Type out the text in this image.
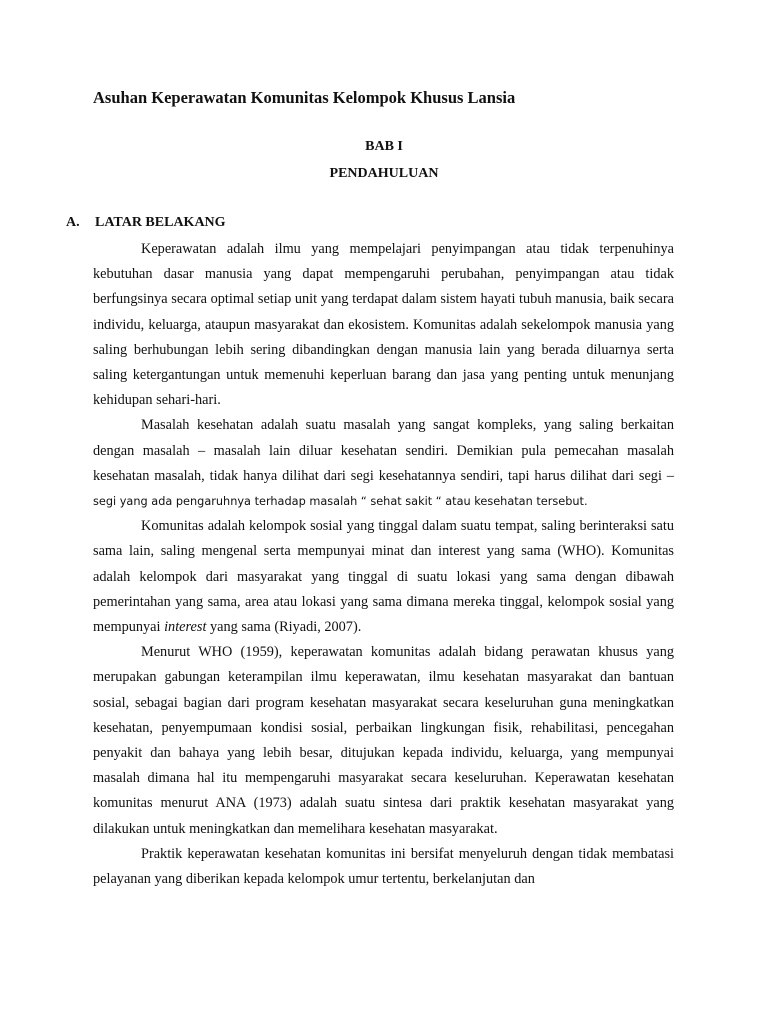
Asuhan Keperawatan Komunitas Kelompok Khusus Lansia
BAB I
PENDAHULUAN
A. LATAR BELAKANG

Keperawatan adalah ilmu yang mempelajari penyimpangan atau tidak terpenuhinya kebutuhan dasar manusia yang dapat mempengaruhi perubahan, penyimpangan atau tidak berfungsinya secara optimal setiap unit yang terdapat dalam sistem hayati tubuh manusia, baik secara individu, keluarga, ataupun masyarakat dan ekosistem. Komunitas adalah sekelompok manusia yang saling berhubungan lebih sering dibandingkan dengan manusia lain yang berada diluarnya serta saling ketergantungan untuk memenuhi keperluan barang dan jasa yang penting untuk menunjang kehidupan sehari-hari.

Masalah kesehatan adalah suatu masalah yang sangat kompleks, yang saling berkaitan dengan masalah – masalah lain diluar kesehatan sendiri. Demikian pula pemecahan masalah kesehatan masalah, tidak hanya dilihat dari segi kesehatannya sendiri, tapi harus dilihat dari segi – segi yang ada pengaruhnya terhadap masalah “ sehat sakit “ atau kesehatan tersebut.

Komunitas adalah kelompok sosial yang tinggal dalam suatu tempat, saling berinteraksi satu sama lain, saling mengenal serta mempunyai minat dan interest yang sama (WHO). Komunitas adalah kelompok dari masyarakat yang tinggal di suatu lokasi yang sama dengan dibawah pemerintahan yang sama, area atau lokasi yang sama dimana mereka tinggal, kelompok sosial yang mempunyai interest yang sama (Riyadi, 2007).

Menurut WHO (1959), keperawatan komunitas adalah bidang perawatan khusus yang merupakan gabungan keterampilan ilmu keperawatan, ilmu kesehatan masyarakat dan bantuan sosial, sebagai bagian dari program kesehatan masyarakat secara keseluruhan guna meningkatkan kesehatan, penyempumaan kondisi sosial, perbaikan lingkungan fisik, rehabilitasi, pencegahan penyakit dan bahaya yang lebih besar, ditujukan kepada individu, keluarga, yang mempunyai masalah dimana hal itu mempengaruhi masyarakat secara keseluruhan. Keperawatan kesehatan komunitas menurut ANA (1973) adalah suatu sintesa dari praktik kesehatan masyarakat yang dilakukan untuk meningkatkan dan memelihara kesehatan masyarakat.

Praktik keperawatan kesehatan komunitas ini bersifat menyeluruh dengan tidak membatasi pelayanan yang diberikan kepada kelompok umur tertentu, berkelanjutan dan
